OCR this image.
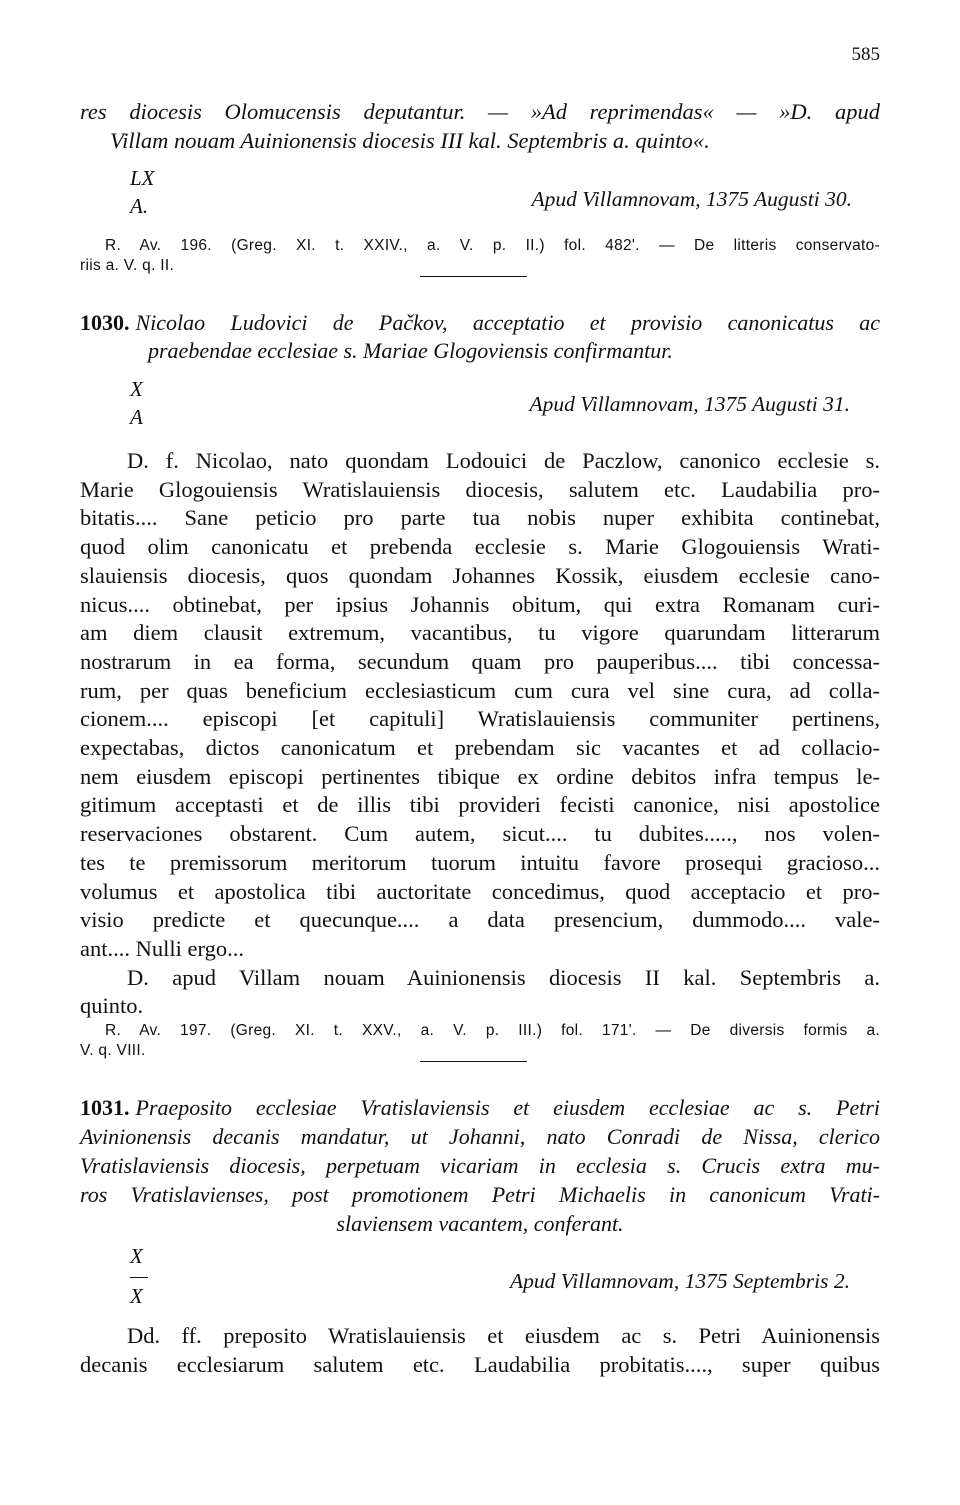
585
res diocesis Olomucensis deputantur. — »Ad reprimendas« — »D. apud
Villam nouam Auinionensis diocesis III kal. Septembris a. quinto«.
LX
A.	Apud Villamnovam, 1375 Augusti 30.
R. Av. 196. (Greg. XI. t. XXIV., a. V. p. II.) fol. 482'. — De litteris conservato-
riis a. V. q. II.
1030. Nicolao Ludovici de Pačkov, acceptatio et provisio canonicatus ac
praebendae ecclesiae s. Mariae Glogoviensis confirmantur.
X
A
Apud Villamnovam, 1375 Augusti 31.
D. f. Nicolao, nato quondam Lodouici de Paczlow, canonico ecclesie s.
Marie Glogouiensis Wratislauiensis diocesis, salutem etc. Laudabilia pro-
bitatis.... Sane peticio pro parte tua nobis nuper exhibita continebat,
quod olim canonicatu et prebenda ecclesie s. Marie Glogouiensis Wrati-
slauiensis diocesis, quos quondam Johannes Kossik, eiusdem ecclesie cano-
nicus.... obtinebat, per ipsius Johannis obitum, qui extra Romanam curi-
am diem clausit extremum, vacantibus, tu vigore quarundam litterarum
nostrarum in ea forma, secundum quam pro pauperibus.... tibi concessa-
rum, per quas beneficium ecclesiasticum cum cura vel sine cura, ad colla-
cionem.... episcopi [et capituli] Wratislauiensis communiter pertinens,
expectabas, dictos canonicatum et prebendam sic vacantes et ad collacio-
nem eiusdem episcopi pertinentes tibique ex ordine debitos infra tempus le-
gitimum acceptasti et de illis tibi provideri fecisti canonice, nisi apostolice
reservaciones obstarent. Cum autem, sicut.... tu dubites....., nos volen-
tes te premissorum meritorum tuorum intuitu favore prosequi gracioso...
volumus et apostolica tibi auctoritate concedimus, quod acceptacio et pro-
visio predicte et quecunque.... a data presencium, dummodo.... vale-
ant.... Nulli ergo...
D. apud Villam nouam Auinionensis diocesis II kal. Septembris a.
quinto.
R. Av. 197. (Greg. XI. t. XXV., a. V. p. III.) fol. 171'. — De diversis formis a.
V. q. VIII.
1031. Praeposito ecclesiae Vratislaviensis et eiusdem ecclesiae ac s. Petri
Avinionensis decanis mandatur, ut Johanni, nato Conradi de Nissa, clerico
Vratislaviensis diocesis, perpetuam vicariam in ecclesia s. Crucis extra mu-
ros Vratislavienses, post promotionem Petri Michaelis in canonicum Vrati-
slaviensem vacantem, conferant.
X
X
Apud Villamnovam, 1375 Septembris 2.
Dd. ff. preposito Wratislauiensis et eiusdem ac s. Petri Auinionensis
decanis ecclesiarum salutem etc. Laudabilia probitatis...., super quibus
